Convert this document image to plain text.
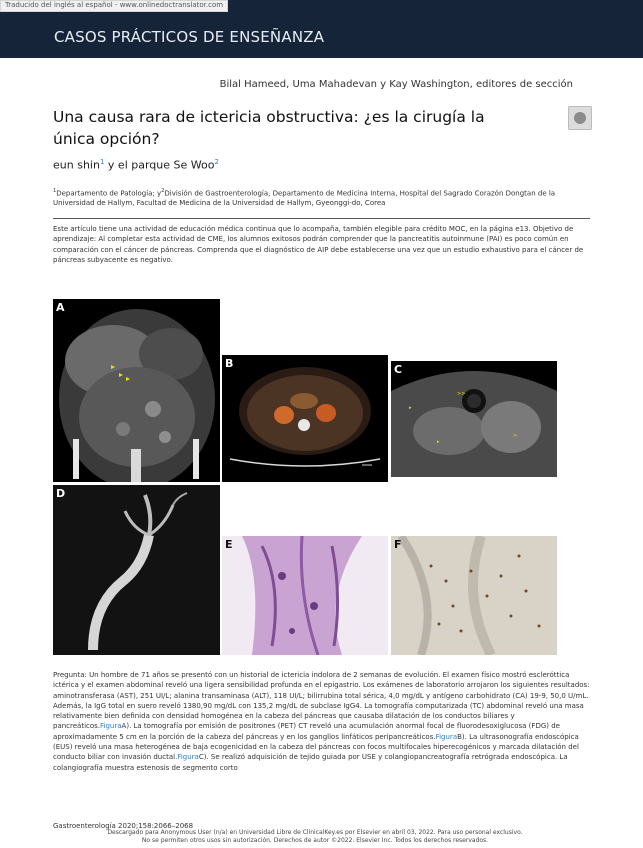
CASOS PRÁCTICOS DE ENSEÑANZA
Traducido del inglés al español - www.onlinedoctranslator.com
Bilal Hameed, Uma Mahadevan y Kay Washington, editores de sección
Una causa rara de ictericia obstructiva: ¿es la cirugía la única opción?
eun shin$^1$ y el parque Se Woo$^2$
$^1$Departamento de Patología; $y^2División$ de Gastroenterología, Departamento de Medicina Interna, Hospital del Sagrado Corazón Dongtan de la Universidad de Hallym, Facultad de Medicina de la Universidad de Hallym, Gyeonggi-do, Corea
Este artículo tiene una actividad de educación médica continua que lo acompaña, también elegible para crédito MOC, en la página e13. Objetivo de aprendizaje: Al completar esta actividad de CME, los alumnos exitosos podrán comprender que la pancreatitis autoinmune (PAI) es poco común en comparación con el cáncer de páncreas. Comprenda que el diagnóstico de AIP debe establecerse una vez que un estudio exhaustivo para el cáncer de páncreas subyacente es negativo.
A
B
>>
▸
▸
>
C
D
E	F
Pregunta: Un hombre de 71 años se presentó con un historial de ictericia indolora de 2 semanas de evolución. El examen físico mostró escleróttica ictérica y el examen abdominal reveló una ligera sensibilidad profunda en el epigastrio. Los exámenes de laboratorio arrojaron los siguientes resultados: aminotransferasa (AST), 251 UI/L; alanina transaminasa (ALT), 118 UI/L; bilirrubina total sérica, 4,0 mg/dL y antígeno carbohidrato (CA) 19-9, 50,0 U/mL. Además, la IgG total en suero reveló 1380,90 mg/dL con 135,2 mg/dL de subclase IgG4. La tomografía computarizada (TC) abdominal reveló una masa relativamente bien definida con densidad homogénea en la cabeza del páncreas que causaba dilatación de los conductos biliares y pancreáticos.FiguraA). La tomografía por emisión de positrones (PET) CT reveló una acumulación anormal focal de fluorodesoxiglucosa (FDG) de aproximadamente 5 cm en la porción de la cabeza del páncreas y en los ganglios linfáticos peripancreáticos.FiguraB). La ultrasonografía endoscópica (EUS) reveló una masa heterogénea de baja ecogenicidad en la cabeza del páncreas con focos multifocales hiperecogénicos y marcada dilatación del conducto biliar con invasión ductal.FiguraC). Se realizó adquisición de tejido guiada por USE y colangiopancreatografía retrógrada endoscópica. La colangiografía muestra estenosis de segmento corto
Gastroenterología 2020;158:2066–2068
Descargado para Anonymous User (n/a) en Universidad Libre de ClinicalKey.es por Elsevier en abril 03, 2022. Para uso personal exclusivo. No se permiten otros usos sin autorización. Derechos de autor ©2022. Elsevier Inc. Todos los derechos reservados.
